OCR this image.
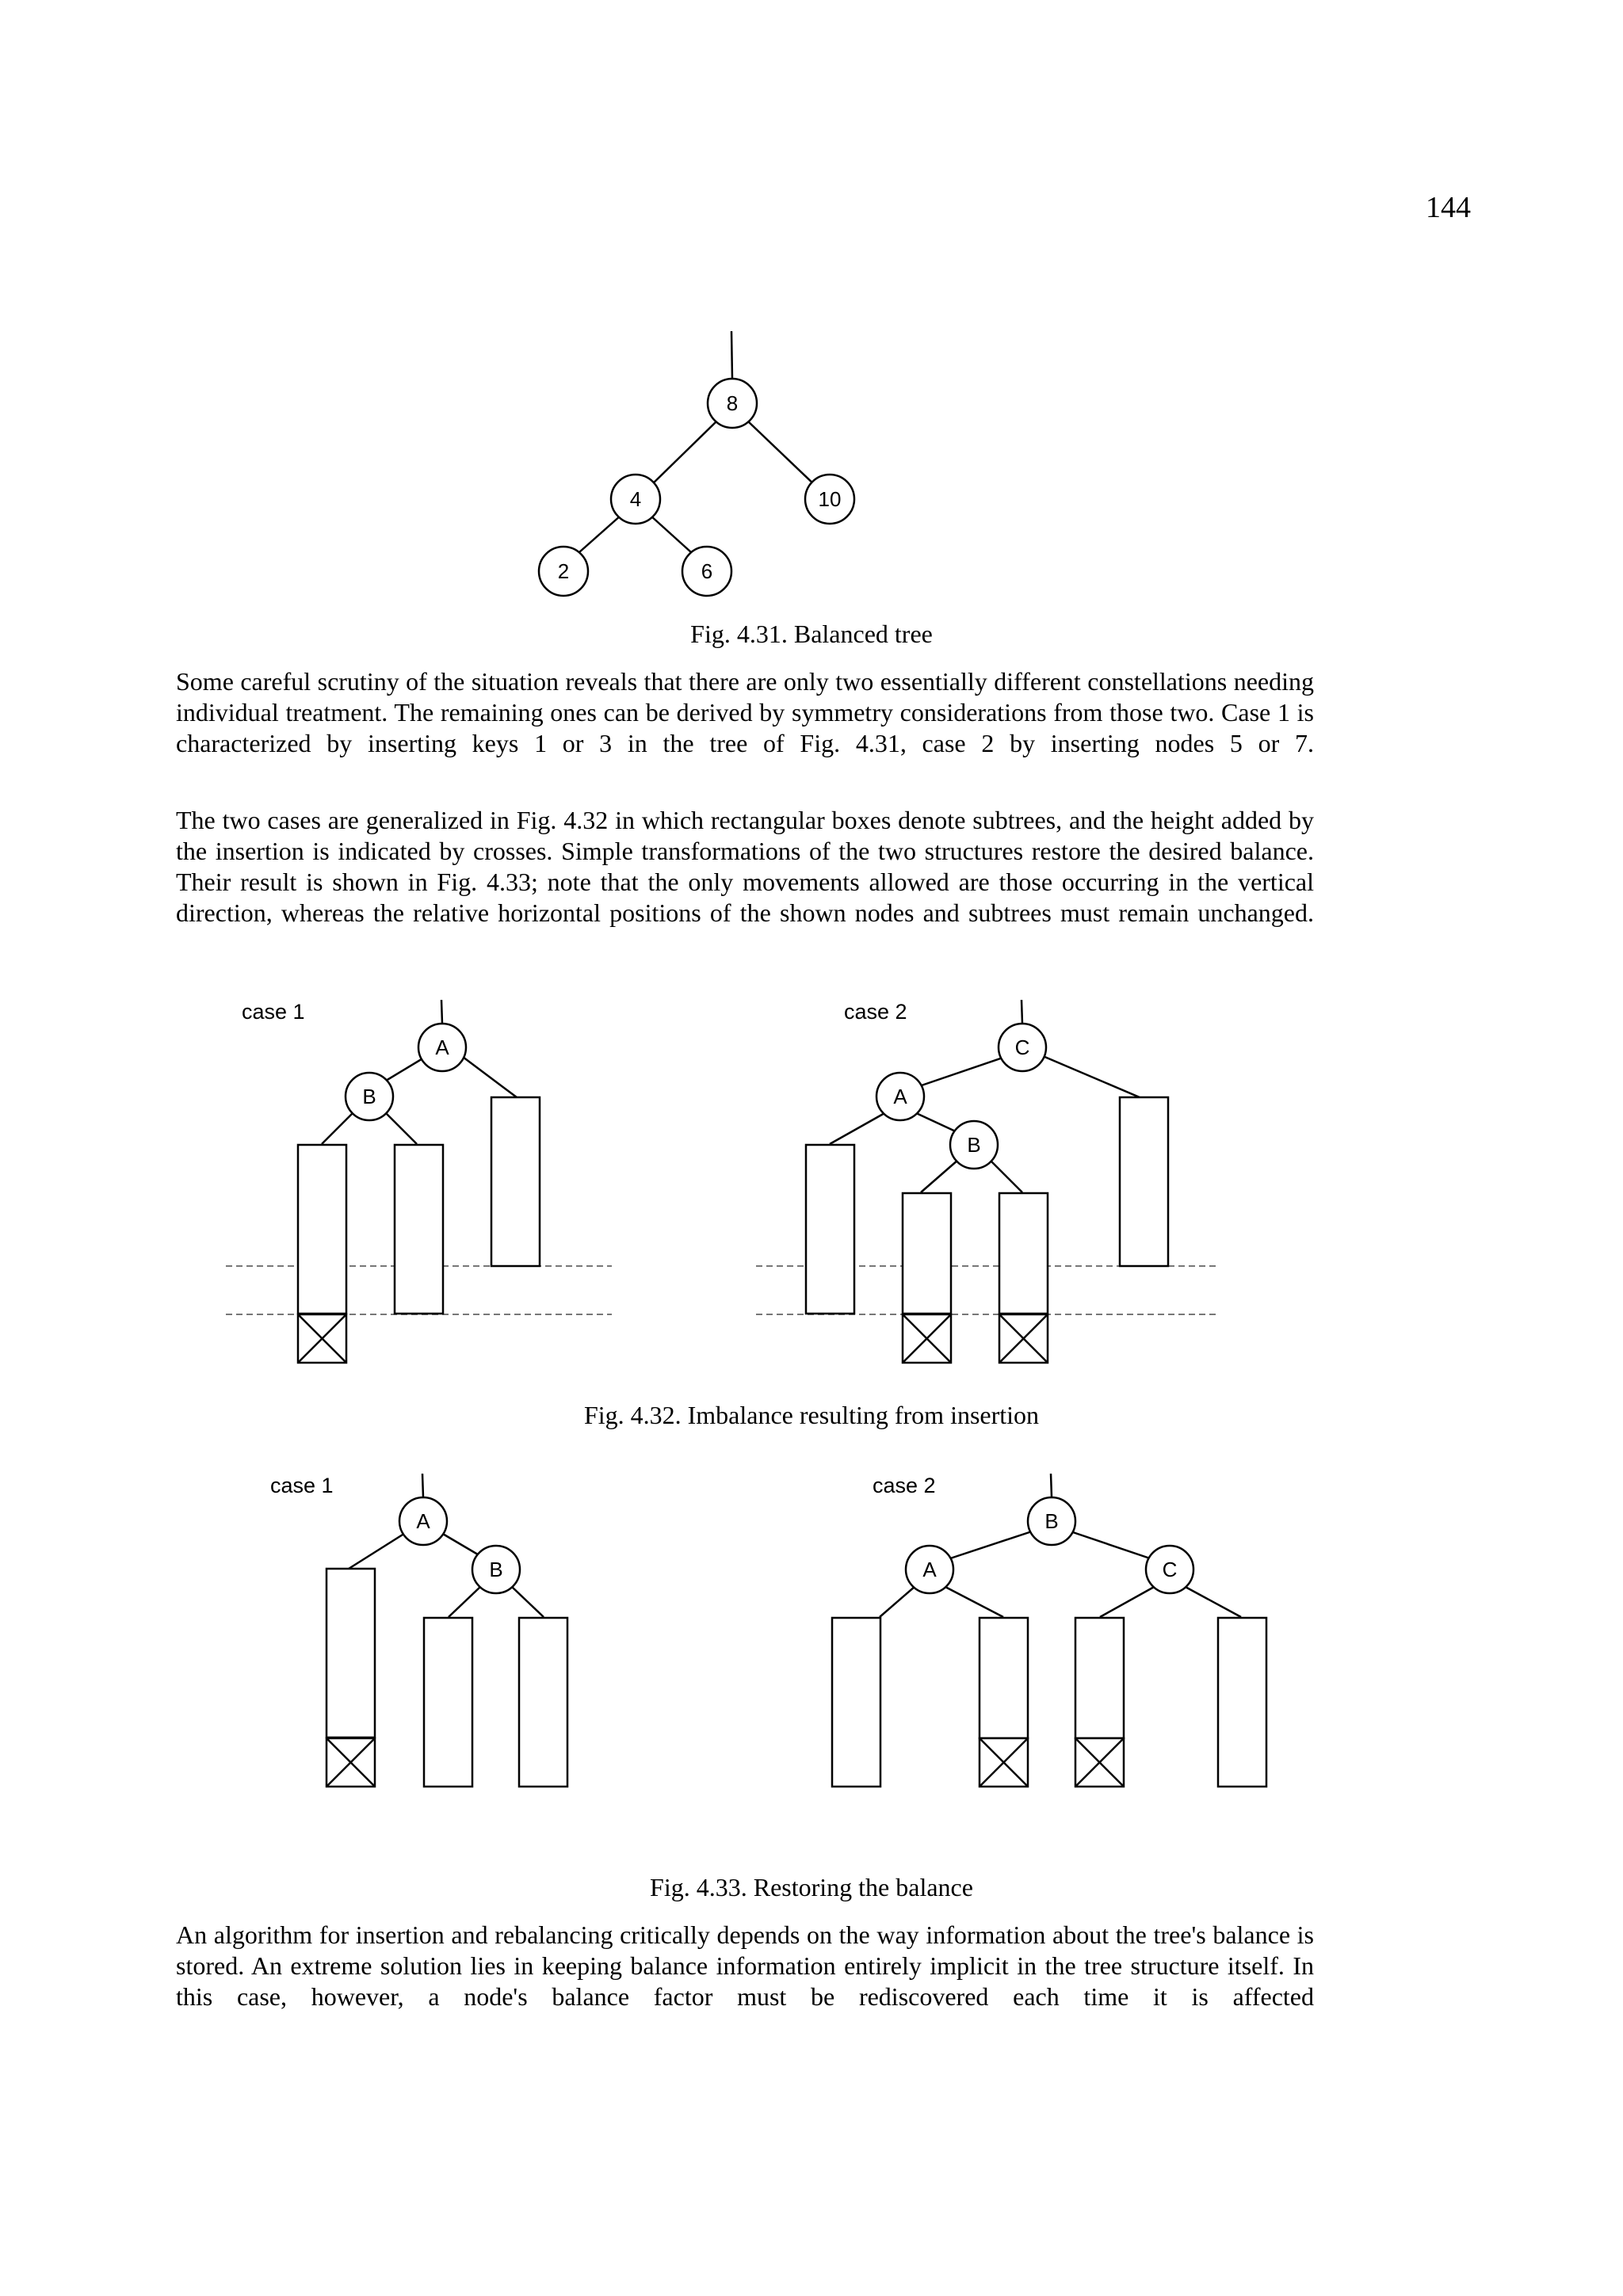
144
8
4	10
2	6
Fig. 4.31. Balanced tree

Some careful scrutiny of the situation reveals that there are only two essentially different constellations needing individual treatment. The remaining ones can be derived by symmetry considerations from those two. Case 1 is characterized by inserting keys 1 or 3 in the tree of Fig. 4.31, case 2 by inserting nodes 5 or 7.

The two cases are generalized in Fig. 4.32 in which rectangular boxes denote subtrees, and the height added by the insertion is indicated by crosses. Simple transformations of the two structures restore the desired balance. Their result is shown in Fig. 4.33; note that the only movements allowed are those occurring in the vertical direction, whereas the relative horizontal positions of the shown nodes and subtrees must remain unchanged.

case 1
A
B
case 2
C
A
B
Fig. 4.32. Imbalance resulting from insertion
case 1
A
B
case 2
B
A	C
Fig. 4.33. Restoring the balance

An algorithm for insertion and rebalancing critically depends on the way information about the tree's balance is stored. An extreme solution lies in keeping balance information entirely implicit in the tree structure itself. In this case, however, a node's balance factor must be rediscovered each time it is affected
